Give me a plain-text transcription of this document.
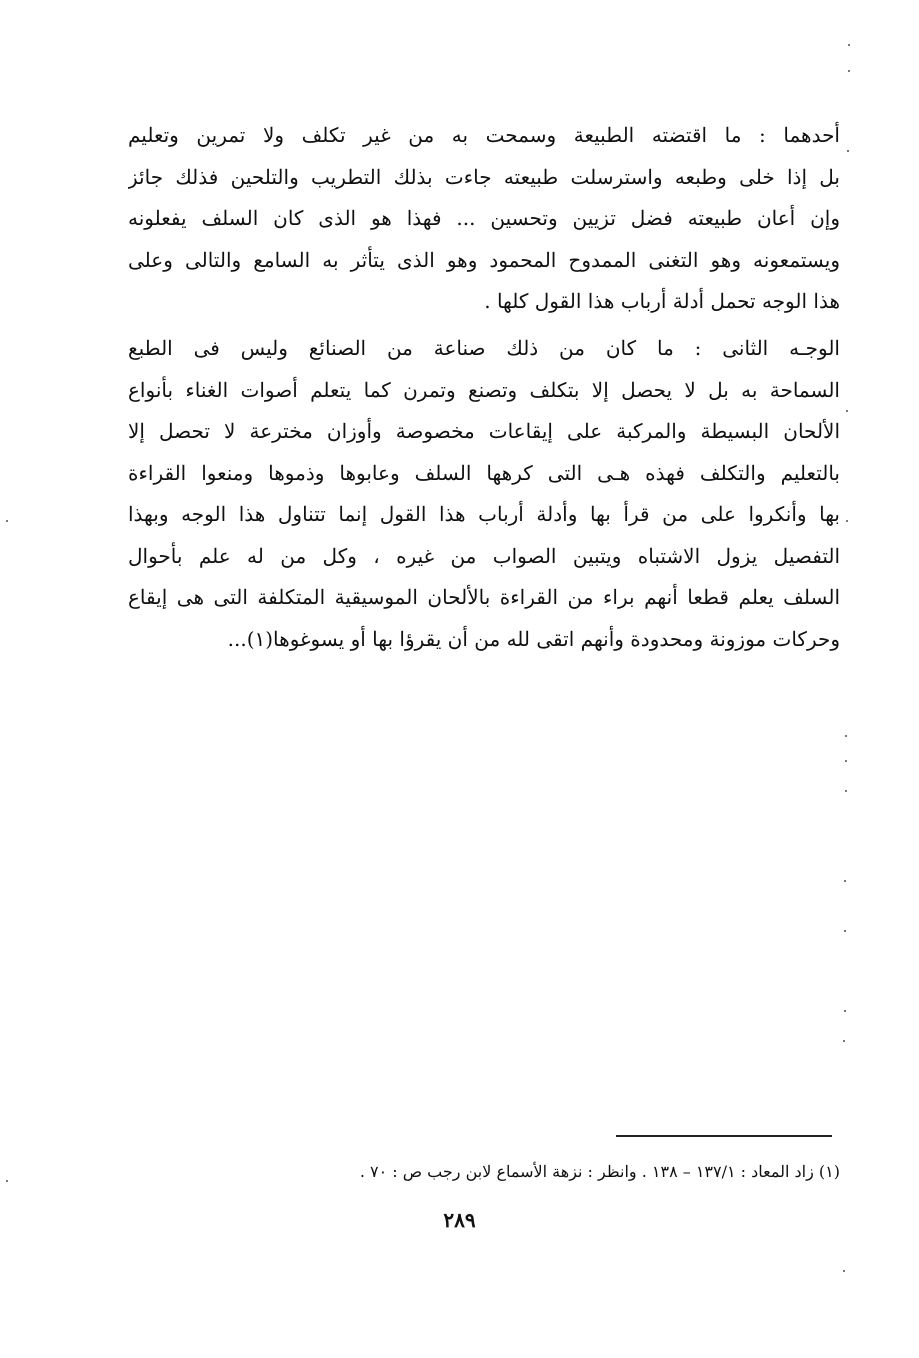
أحدهما : ما اقتضته الطبيعة وسمحت به من غير تكلف ولا تمرين وتعليم
بل إذا خلى وطبعه واسترسلت طبيعته جاءت بذلك التطريب والتلحين فذلك جائز
وإن أعان طبيعته فضل تزيين وتحسين ... فهذا هو الذى كان السلف يفعلونه
ويستمعونه وهو التغنى الممدوح المحمود وهو الذى يتأثر به السامع والتالى وعلى
هذا الوجه تحمل أدلة أرباب هذا القول كلها .
الوجـه الثانى : ما كان من ذلك صناعة من الصنائع وليس فى الطبع
السماحة به بل لا يحصل إلا بتكلف وتصنع وتمرن كما يتعلم أصوات الغناء بأنواع
الألحان البسيطة والمركبة على إيقاعات مخصوصة وأوزان مخترعة لا تحصل إلا
بالتعليم والتكلف فهذه هـى التى كرهها السلف وعابوها وذموها ومنعوا القراءة
بها وأنكروا على من قرأ بها وأدلة أرباب هذا القول إنما تتناول هذا الوجه وبهذا
التفصيل يزول الاشتباه ويتبين الصواب من غيره ، وكل من له علم بأحوال
السلف يعلم قطعا أنهم براء من القراءة بالألحان الموسيقية المتكلفة التى هى إيقاع
وحركات موزونة ومحدودة وأنهم اتقى لله من أن يقرؤا بها أو يسوغوها(١)...
(١) زاد المعاد : ١٣٧/١ – ١٣٨ . وانظر : نزهة الأسماع لابن رجب ص : ٧٠ .
٢٨٩
